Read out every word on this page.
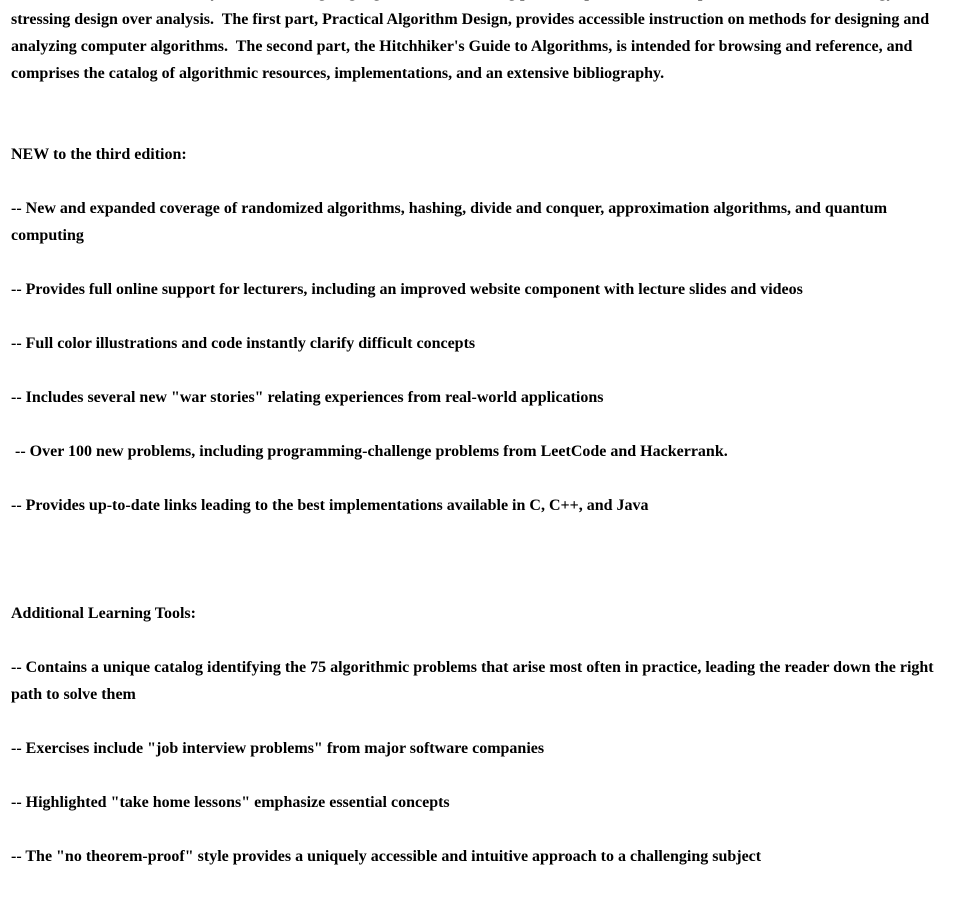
stressing design over analysis.  The first part, Practical Algorithm Design, provides accessible instruction on methods for designing and analyzing computer algorithms.  The second part, the Hitchhiker's Guide to Algorithms, is intended for browsing and reference, and comprises the catalog of algorithmic resources, implementations, and an extensive bibliography.

NEW to the third edition:

-- New and expanded coverage of randomized algorithms, hashing, divide and conquer, approximation algorithms, and quantum computing

-- Provides full online support for lecturers, including an improved website component with lecture slides and videos

-- Full color illustrations and code instantly clarify difficult concepts

-- Includes several new "war stories" relating experiences from real-world applications

-- Over 100 new problems, including programming-challenge problems from LeetCode and Hackerrank.

-- Provides up-to-date links leading to the best implementations available in C, C++, and Java

Additional Learning Tools:

-- Contains a unique catalog identifying the 75 algorithmic problems that arise most often in practice, leading the reader down the right path to solve them

-- Exercises include "job interview problems" from major software companies

-- Highlighted "take home lessons" emphasize essential concepts

-- The "no theorem-proof" style provides a uniquely accessible and intuitive approach to a challenging subject
